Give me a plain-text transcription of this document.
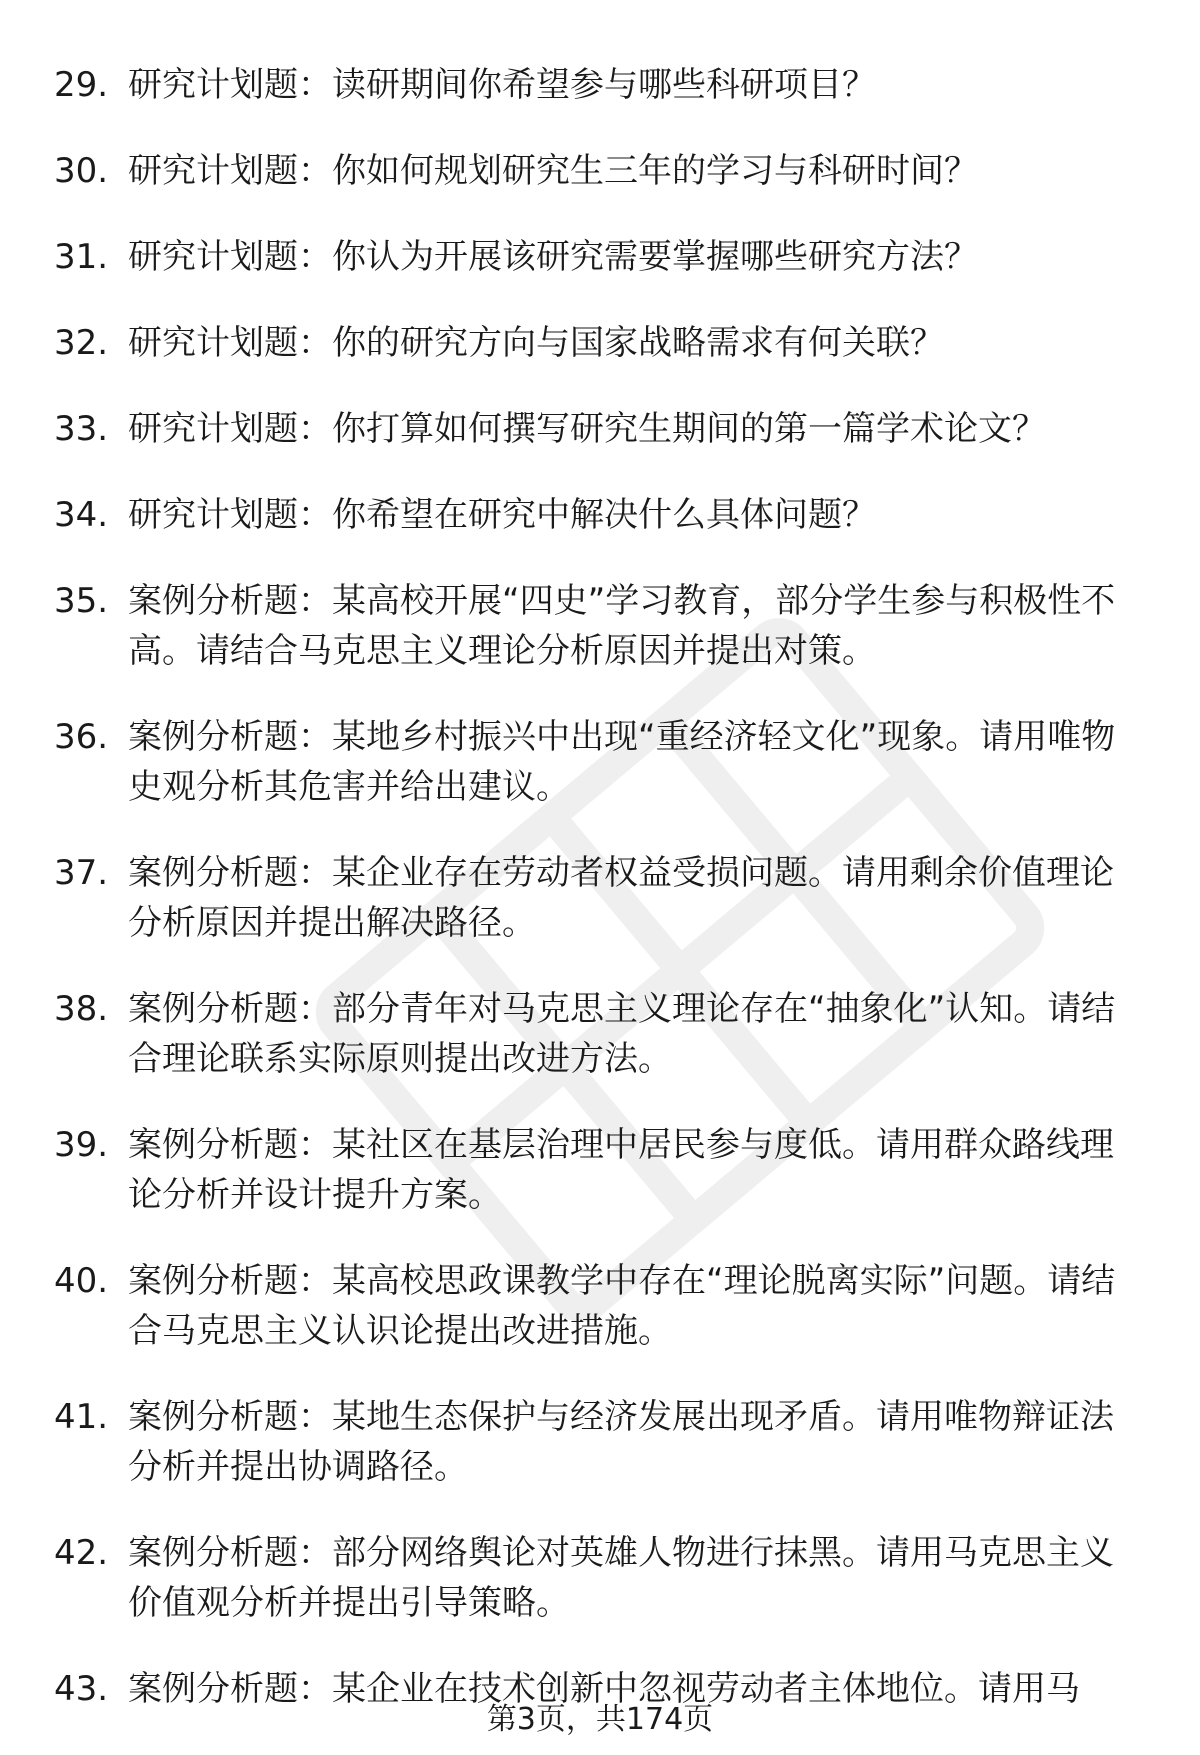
29. 研究计划题：读研期间你希望参与哪些科研项目？
30. 研究计划题：你如何规划研究生三年的学习与科研时间？
31. 研究计划题：你认为开展该研究需要掌握哪些研究方法？
32. 研究计划题：你的研究方向与国家战略需求有何关联？
33. 研究计划题：你打算如何撰写研究生期间的第一篇学术论文？
34. 研究计划题：你希望在研究中解决什么具体问题？
35. 案例分析题：某高校开展“四史”学习教育，部分学生参与积极性不高。请结合马克思主义理论分析原因并提出对策。
36. 案例分析题：某地乡村振兴中出现“重经济轻文化”现象。请用唯物史观分析其危害并给出建议。
37. 案例分析题：某企业存在劳动者权益受损问题。请用剩余价值理论分析原因并提出解决路径。
38. 案例分析题：部分青年对马克思主义理论存在“抽象化”认知。请结合理论联系实际原则提出改进方法。
39. 案例分析题：某社区在基层治理中居民参与度低。请用群众路线理论分析并设计提升方案。
40. 案例分析题：某高校思政课教学中存在“理论脱离实际”问题。请结合马克思主义认识论提出改进措施。
41. 案例分析题：某地生态保护与经济发展出现矛盾。请用唯物辩证法分析并提出协调路径。
42. 案例分析题：部分网络舆论对英雄人物进行抹黑。请用马克思主义价值观分析并提出引导策略。
43. 案例分析题：某企业在技术创新中忽视劳动者主体地位。请用马
第3页，共174页
